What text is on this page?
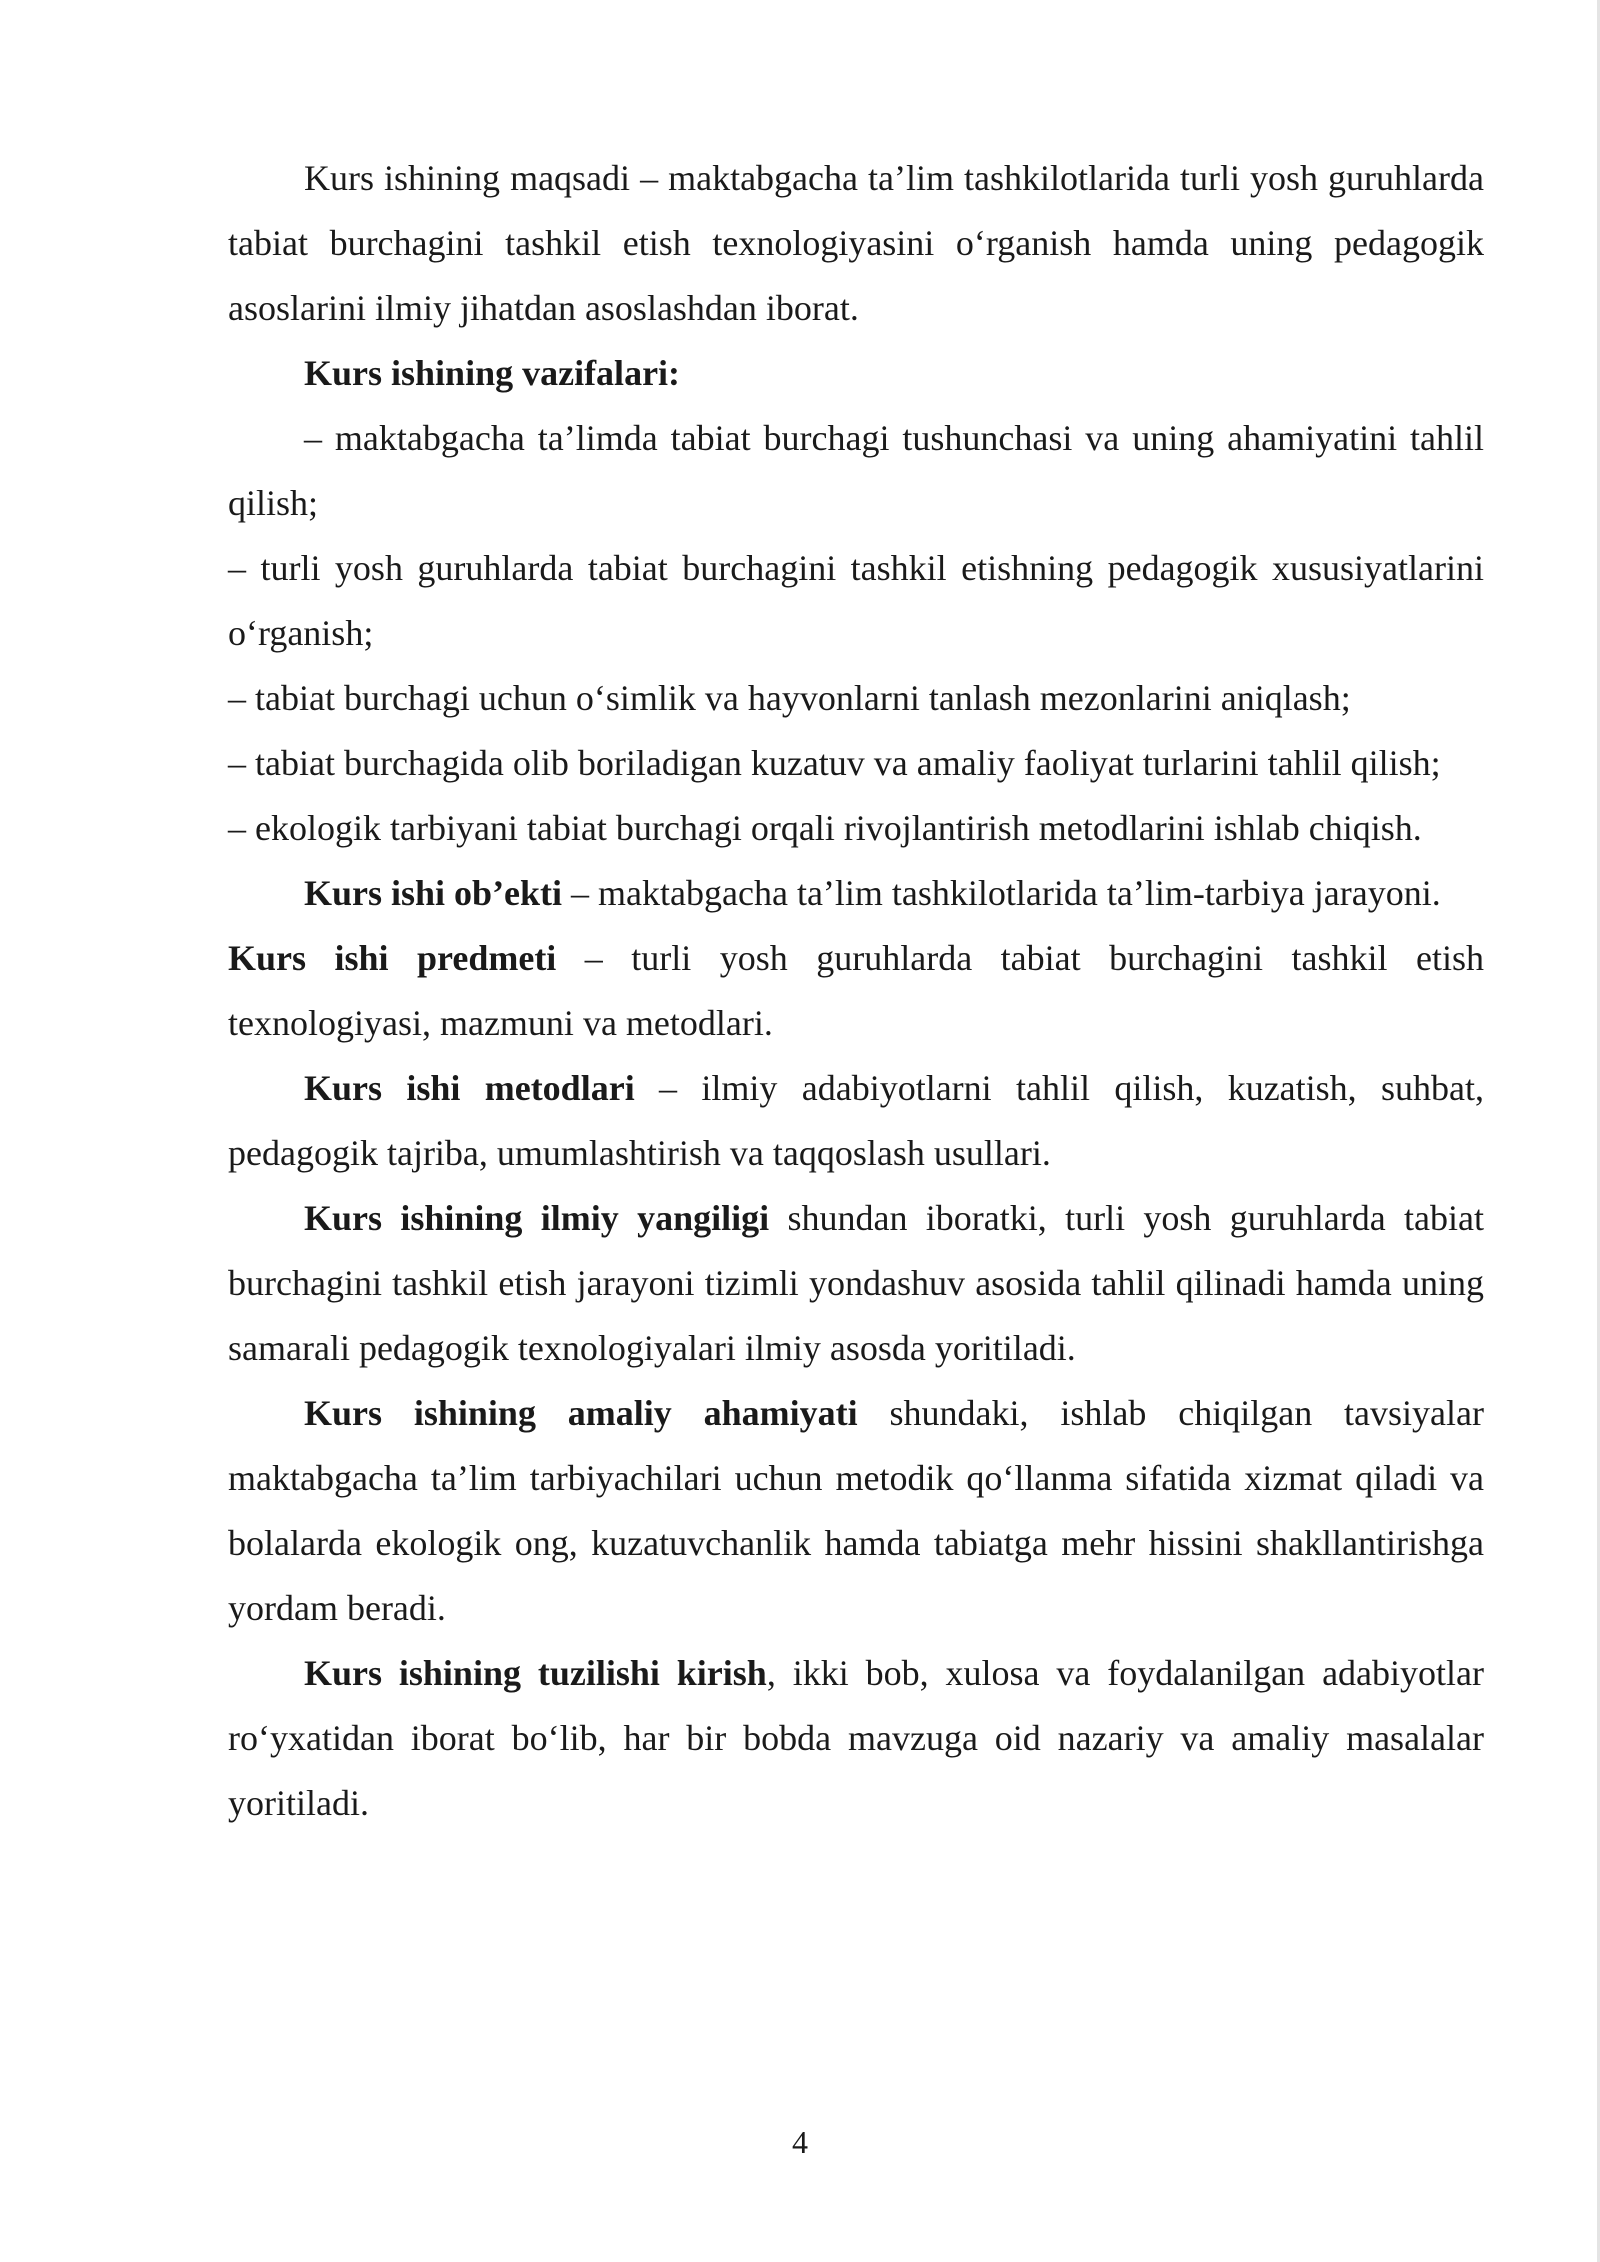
Kurs ishining maqsadi – maktabgacha ta’lim tashkilotlarida turli yosh guruhlarda tabiat burchagini tashkil etish texnologiyasini o‘rganish hamda uning pedagogik asoslarini ilmiy jihatdan asoslashdan iborat.

Kurs ishining vazifalari:

– maktabgacha ta’limda tabiat burchagi tushunchasi va uning ahamiyatini tahlil qilish;

– turli yosh guruhlarda tabiat burchagini tashkil etishning pedagogik xususiyatlarini o‘rganish;

– tabiat burchagi uchun o‘simlik va hayvonlarni tanlash mezonlarini aniqlash;

– tabiat burchagida olib boriladigan kuzatuv va amaliy faoliyat turlarini tahlil qilish;

– ekologik tarbiyani tabiat burchagi orqali rivojlantirish metodlarini ishlab chiqish.

Kurs ishi ob’ekti – maktabgacha ta’lim tashkilotlarida ta’lim-tarbiya jarayoni.

Kurs ishi predmeti – turli yosh guruhlarda tabiat burchagini tashkil etish texnologiyasi, mazmuni va metodlari.

Kurs ishi metodlari – ilmiy adabiyotlarni tahlil qilish, kuzatish, suhbat, pedagogik tajriba, umumlashtirish va taqqoslash usullari.

Kurs ishining ilmiy yangiligi shundan iboratki, turli yosh guruhlarda tabiat burchagini tashkil etish jarayoni tizimli yondashuv asosida tahlil qilinadi hamda uning samarali pedagogik texnologiyalari ilmiy asosda yoritiladi.

Kurs ishining amaliy ahamiyati shundaki, ishlab chiqilgan tavsiyalar maktabgacha ta’lim tarbiyachilari uchun metodik qo‘llanma sifatida xizmat qiladi va bolalarda ekologik ong, kuzatuvchanlik hamda tabiatga mehr hissini shakllantirishga yordam beradi.

Kurs ishining tuzilishi kirish, ikki bob, xulosa va foydalanilgan adabiyotlar ro‘yxatidan iborat bo‘lib, har bir bobda mavzuga oid nazariy va amaliy masalalar yoritiladi.

4
